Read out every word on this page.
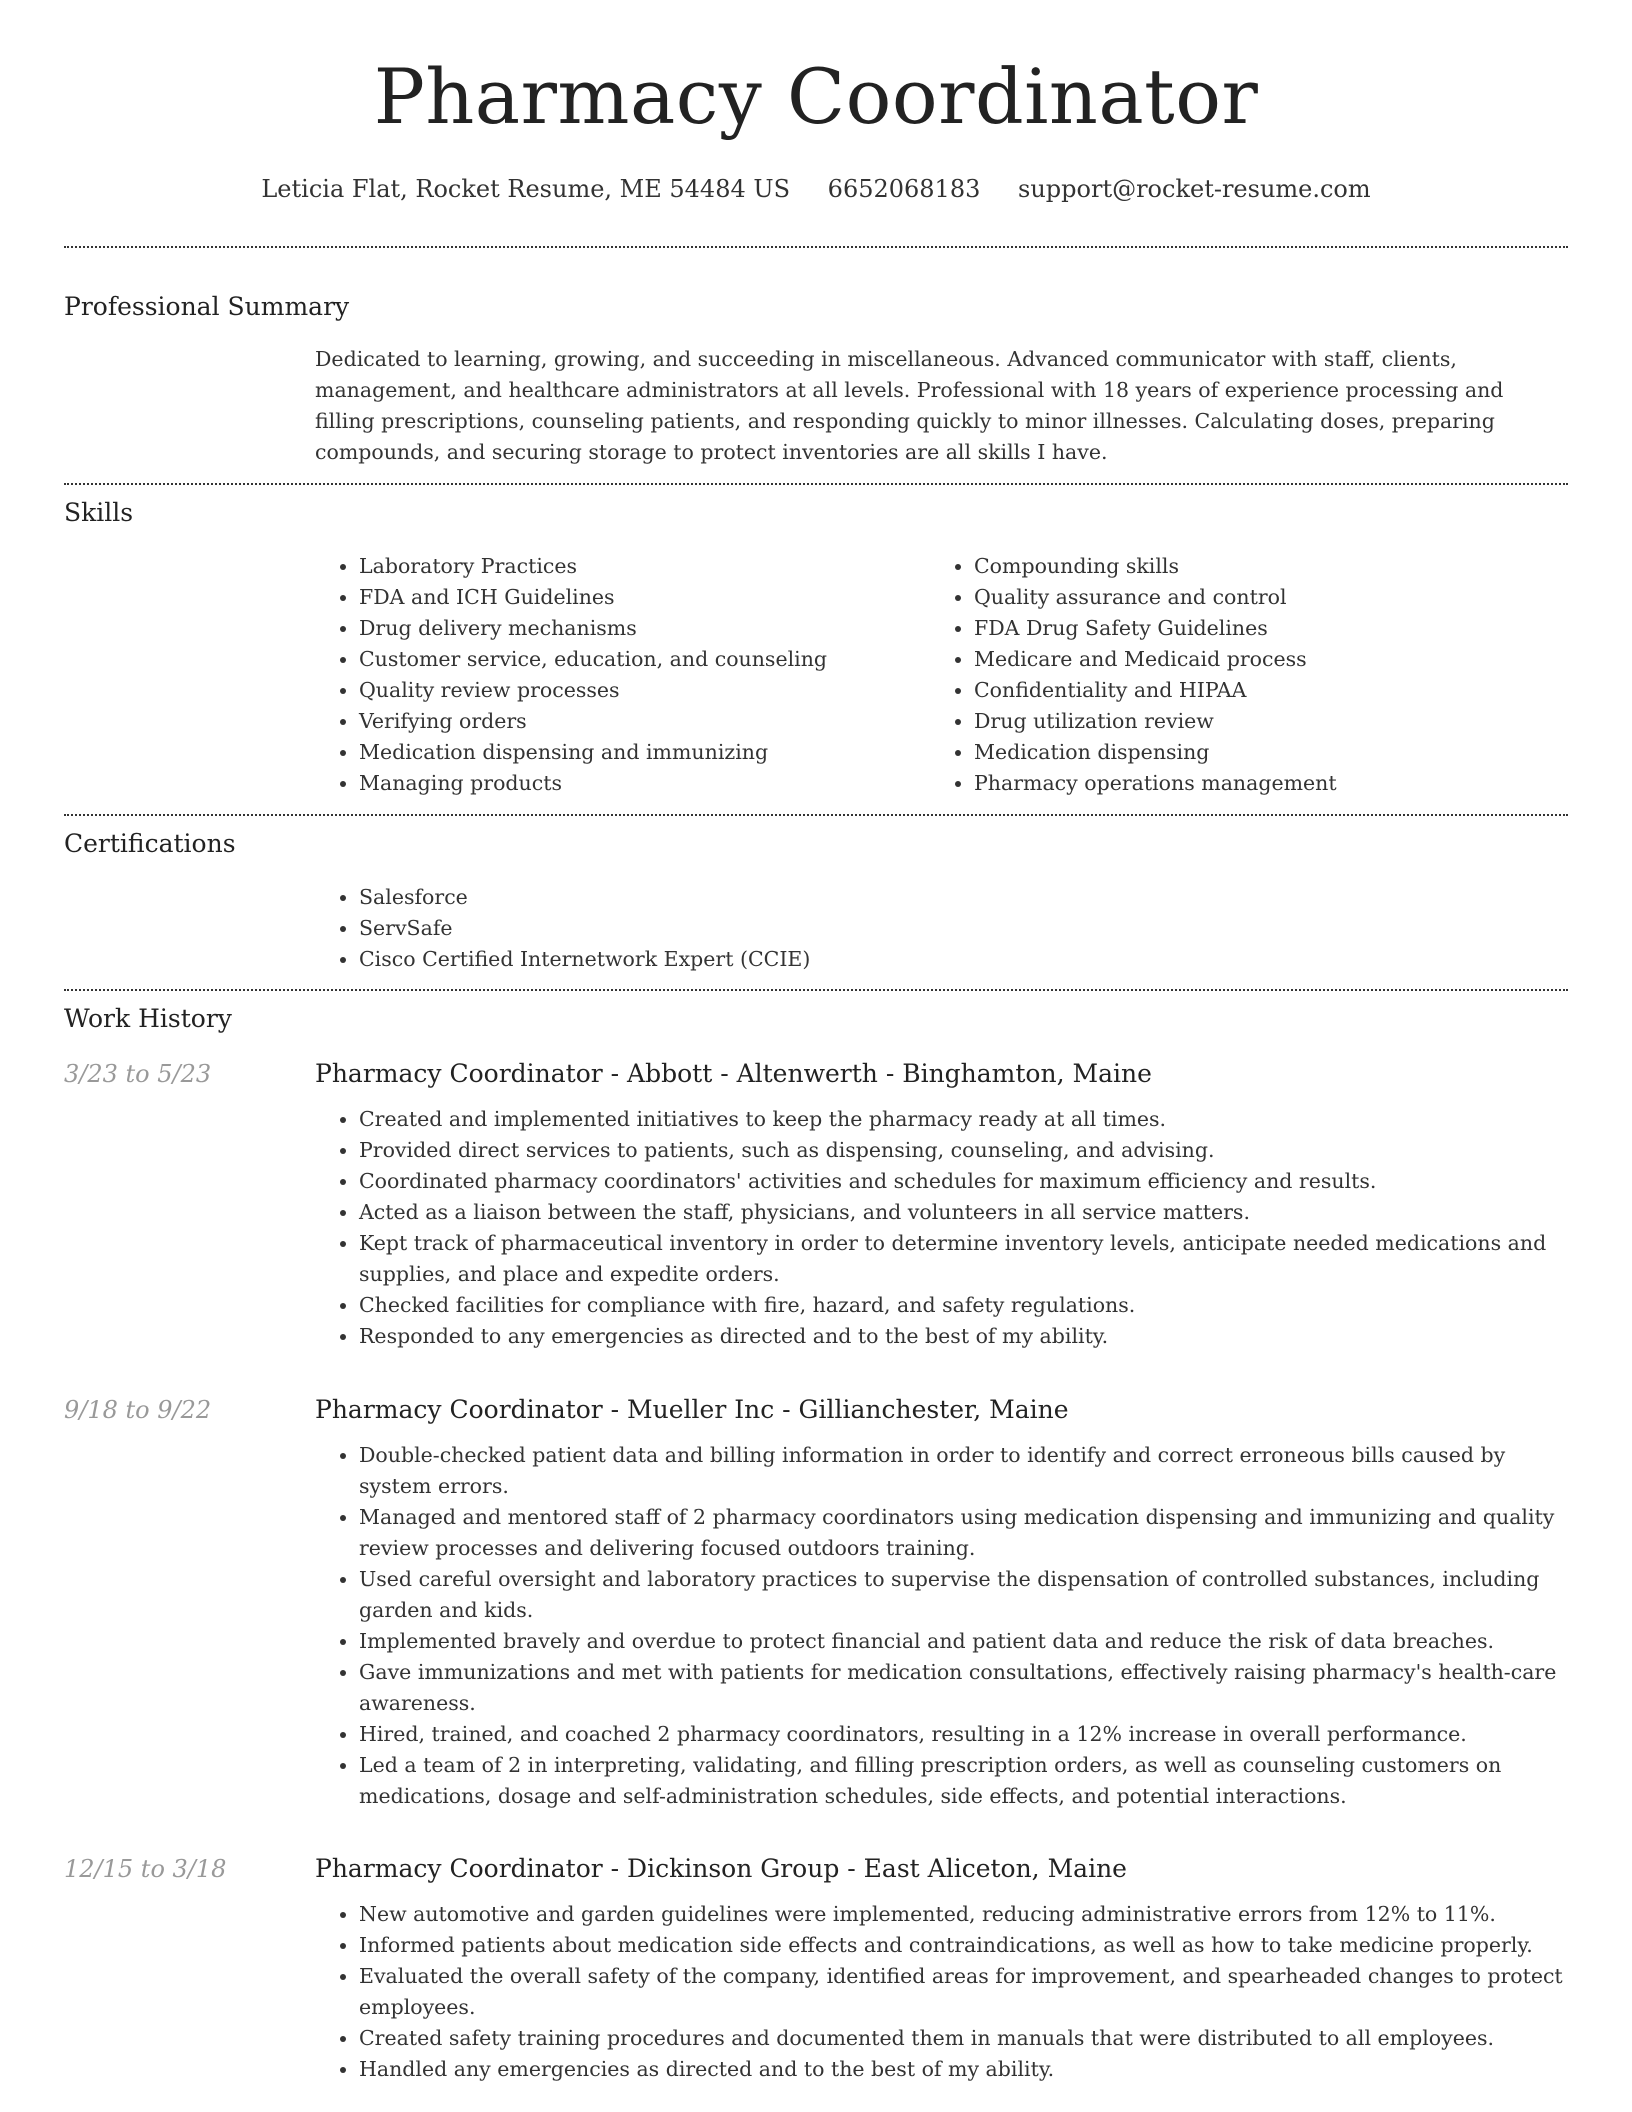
Pharmacy Coordinator
Leticia Flat, Rocket Resume, ME 54484 US 6652068183 support@rocket-resume.com
Professional Summary
Dedicated to learning, growing, and succeeding in miscellaneous. Advanced communicator with staff, clients, management, and healthcare administrators at all levels. Professional with 18 years of experience processing and filling prescriptions, counseling patients, and responding quickly to minor illnesses. Calculating doses, preparing compounds, and securing storage to protect inventories are all skills I have.
Skills
• Laboratory Practices
• FDA and ICH Guidelines
• Drug delivery mechanisms
• Customer service, education, and counseling
• Quality review processes
• Verifying orders
• Medication dispensing and immunizing
• Managing products
• Compounding skills
• Quality assurance and control
• FDA Drug Safety Guidelines
• Medicare and Medicaid process
• Confidentiality and HIPAA
• Drug utilization review
• Medication dispensing
• Pharmacy operations management
Certifications
• Salesforce
• ServSafe
• Cisco Certified Internetwork Expert (CCIE)
Work History
3/23 to 5/23	Pharmacy Coordinator - Abbott - Altenwerth - Binghamton, Maine
• Created and implemented initiatives to keep the pharmacy ready at all times.
• Provided direct services to patients, such as dispensing, counseling, and advising.
• Coordinated pharmacy coordinators' activities and schedules for maximum efficiency and results.
• Acted as a liaison between the staff, physicians, and volunteers in all service matters.
• Kept track of pharmaceutical inventory in order to determine inventory levels, anticipate needed medications and supplies, and place and expedite orders.
• Checked facilities for compliance with fire, hazard, and safety regulations.
• Responded to any emergencies as directed and to the best of my ability.
9/18 to 9/22	Pharmacy Coordinator - Mueller Inc - Gillianchester, Maine
• Double-checked patient data and billing information in order to identify and correct erroneous bills caused by system errors.
• Managed and mentored staff of 2 pharmacy coordinators using medication dispensing and immunizing and quality review processes and delivering focused outdoors training.
• Used careful oversight and laboratory practices to supervise the dispensation of controlled substances, including garden and kids.
• Implemented bravely and overdue to protect financial and patient data and reduce the risk of data breaches.
• Gave immunizations and met with patients for medication consultations, effectively raising pharmacy's health-care awareness.
• Hired, trained, and coached 2 pharmacy coordinators, resulting in a 12% increase in overall performance.
• Led a team of 2 in interpreting, validating, and filling prescription orders, as well as counseling customers on medications, dosage and self-administration schedules, side effects, and potential interactions.
12/15 to 3/18	Pharmacy Coordinator - Dickinson Group - East Aliceton, Maine
• New automotive and garden guidelines were implemented, reducing administrative errors from 12% to 11%.
• Informed patients about medication side effects and contraindications, as well as how to take medicine properly.
• Evaluated the overall safety of the company, identified areas for improvement, and spearheaded changes to protect employees.
• Created safety training procedures and documented them in manuals that were distributed to all employees.
• Handled any emergencies as directed and to the best of my ability.
